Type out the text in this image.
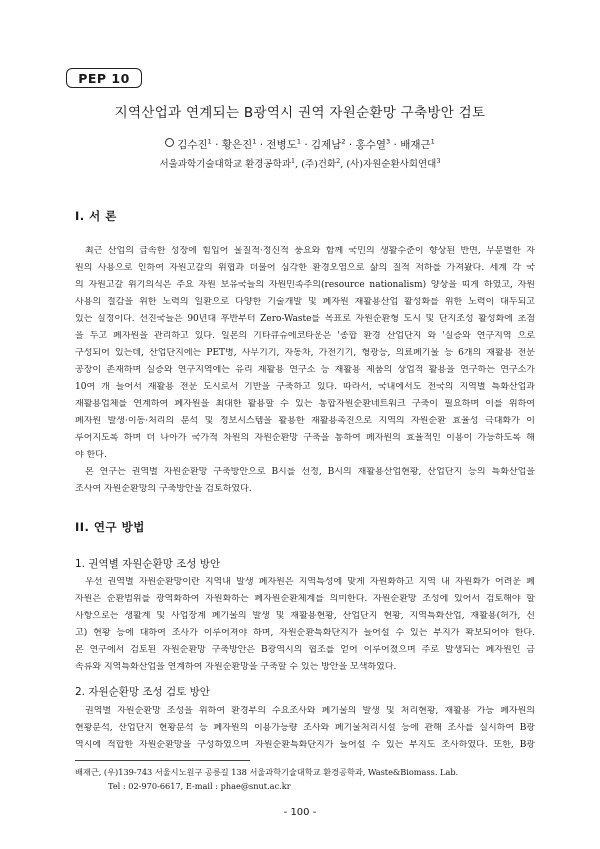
PEP 10
지역산업과 연계되는 B광역시 권역 자원순환망 구축방안 검토
김수진$^1$ · 황은진$^1$ · 전병도$^1$ · 김제남$^2$ · 홍수열$^3$ · 배재근$^1$
서울과학기술대학교 환경공학과$^1$, (주)건화$^2$, (사)자원순환사회연대$^3$
I. 서 론
최근 산업의 급속한 성장에 힘입어 물질적·정신적 풍요와 함께 국민의 생활수준이 향상된 반면, 무분별한 자
원의 사용으로 인하여 자원고갈의 위협과 더불어 심각한 환경오염으로 삶의 질적 저하를 가져왔다. 세계 각 국
의 자원고갈 위기의식은 주요 자원 보유국들의 자원민족주의(resource nationalism) 양상을 띠게 하였고, 자원
사용의 절감을 위한 노력의 일환으로 다양한 기술개발 및 폐자원 재활용산업 활성화를 위한 노력이 대두되고
있는 실정이다. 선진국들은 90년대 후반부터 Zero-Waste를 목표로 자원순환형 도시 및 단지조성 활성화에 초점
을 두고 폐자원을 관리하고 있다. 일본의 기타큐슈에코타운은 '종합 환경 산업단지 와 '실증와 연구지역 으로
구성되어 있는데, 산업단지에는 PET병, 사무기기, 자동차, 가전기기, 형광등, 의료폐기물 등 6개의 재활용 전문
공장이 존재하며 실증와 연구지역에는 유리 재활용 연구소 등 재활용 제품의 상업적 활용을 연구하는 연구소가
10여 개 들어서 재활용 전문 도시로서 기반을 구축하고 있다. 따라서, 국내에서도 전국의 지역별 특화산업과
재활용업체를 연계하여 폐자원을 최대한 활용할 수 있는 통합자원순환네트워크 구축이 필요하며 이를 위하여
폐자원 발생·이동·처리의 분석 및 정보시스템을 활용한 재활용촉진으로 지역의 자원순환 효율성 극대화가 이
루어지도록 하며 더 나아가 국가적 차원의 자원순환망 구축을 통하여 폐자원의 효율적인 이용이 가능하도록 해
야 한다.
본 연구는 권역별 자원순환망 구축방안으로 B시를 선정, B시의 재활용산업현황, 산업단지 등의 특화산업을
조사여 자원순환망의 구축방안을 검토하였다.
II. 연구 방법
1. 권역별 자원순환망 조성 방안
우선 권역별 자원순환망이란 지역내 발생 폐자원은 지역특성에 맞게 자원화하고 지역 내 자원화가 어려운 폐
자원은 순환범위를 광역화하여 자원화하는 폐자원순환체계를 의미한다. 자원순환망 조성에 있어서 검토해야 할
사항으로는 생활계 및 사업장계 폐기물의 발생 및 재활용현황, 산업단지 현황, 지역특화산업, 재활용(허가, 신
고) 현황 등에 대하여 조사가 이루어져야 하며, 자원순환특화단지가 들어설 수 있는 부지가 확보되어야 한다.
본 연구에서 검토된 자원순환망 구축방안은 B광역시의 협조를 얻어 이루어졌으며 주로 발생되는 폐자원인 금
속류와 지역특화산업을 연계하여 자원순환망을 구축할 수 있는 방안을 모색하였다.
2. 자원순환망 조성 검토 방안
권역별 자원순환망 조성을 위하여 환경부의 수요조사와 폐기물의 발생 및 처리현황, 재활용 가능 폐자원의
현황분석, 산업단지 현황분석 등 폐자원의 이용가능량 조사와 폐기물처리시설 등에 관해 조사를 실시하여 B광
역시에 적합한 자원순환망을 구성하였으며 자원순환특화단지가 들어설 수 있는 부지도 조사하였다. 또한, B광
배재근, (우)139-743 서울시노원구 공릉길 138 서울과학기술대학교 환경공학과, Waste&Biomass. Lab.
Tel : 02-970-6617, E-mail : phae@snut.ac.kr
- 100 -
